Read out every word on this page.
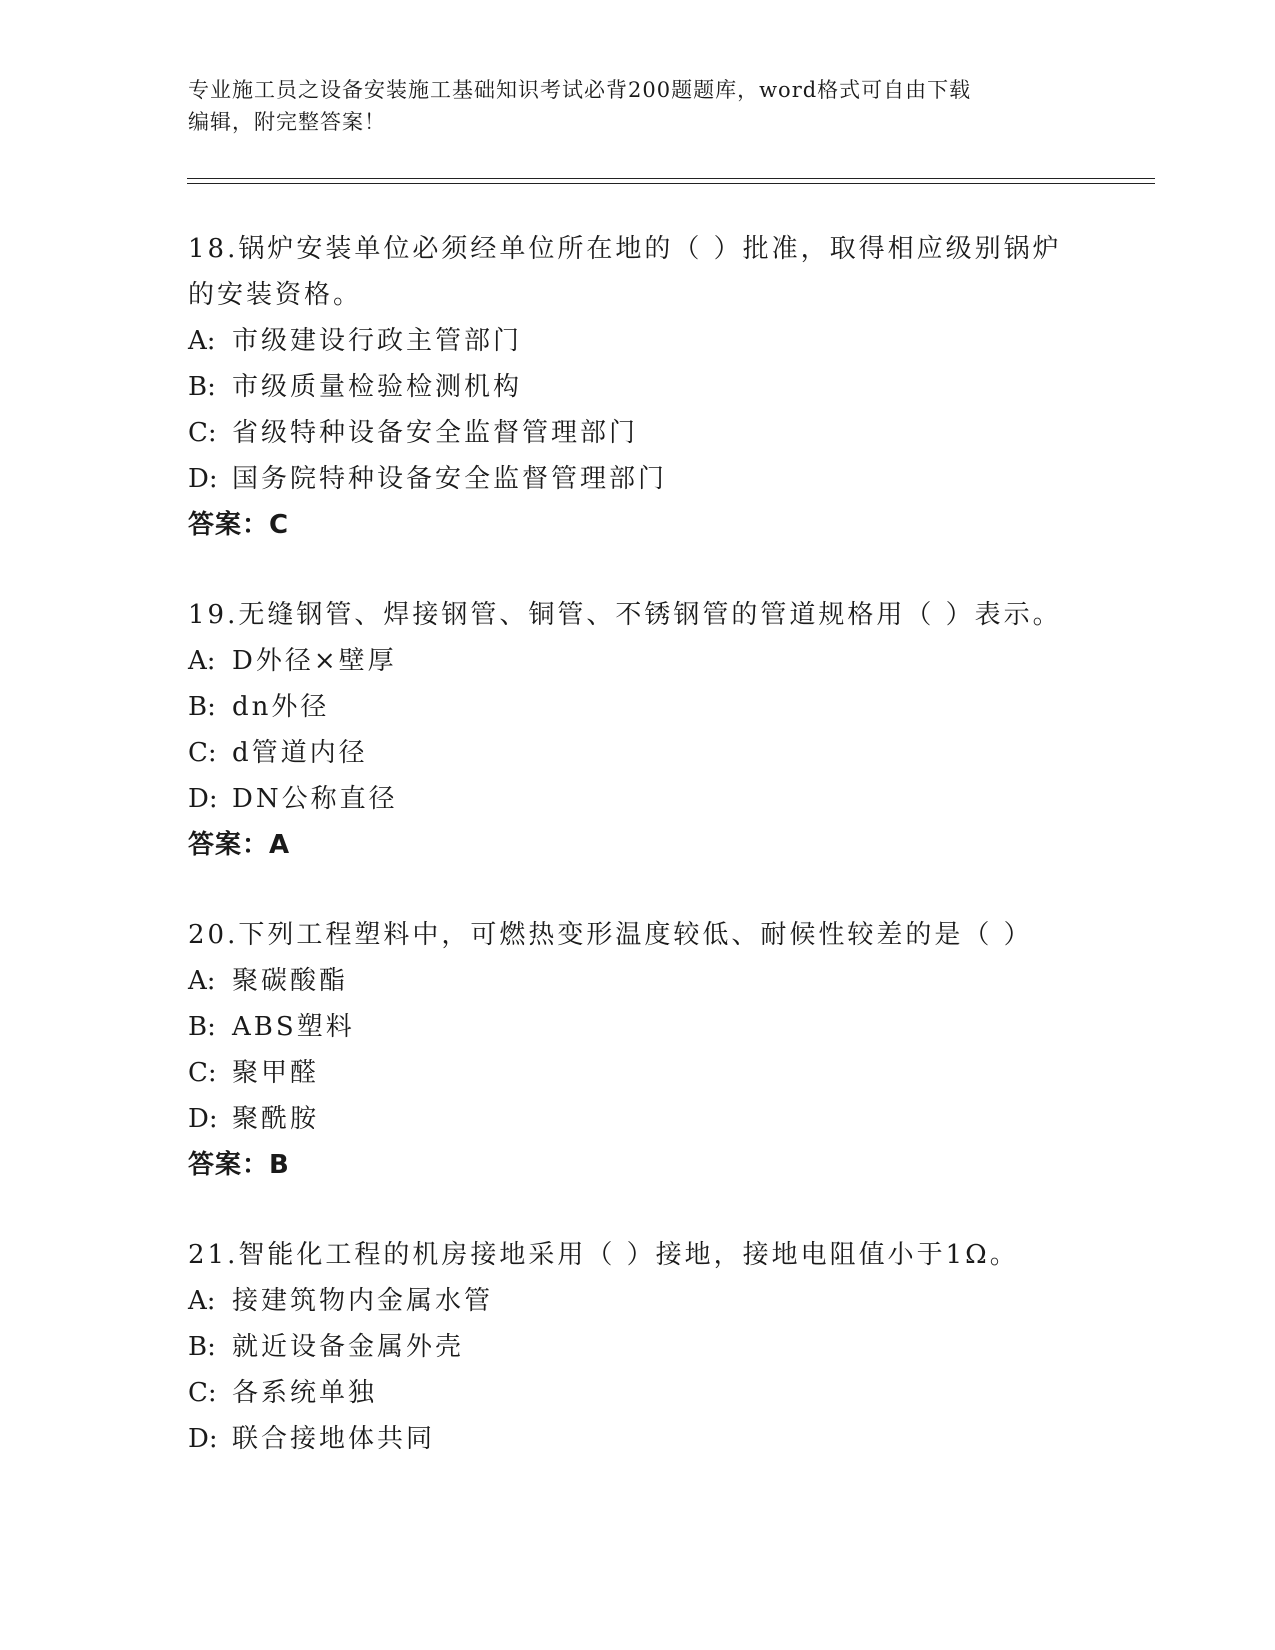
专业施工员之设备安装施工基础知识考试必背200题题库，word格式可自由下载
编辑，附完整答案！

18.锅炉安装单位必须经单位所在地的（ ）批准，取得相应级别锅炉
的安装资格。

A: 市级建设行政主管部门

B: 市级质量检验检测机构

C: 省级特种设备安全监督管理部门

D: 国务院特种设备安全监督管理部门

答案：C

19.无缝钢管、焊接钢管、铜管、不锈钢管的管道规格用（ ）表示。

A: D外径×壁厚

B: dn外径

C: d管道内径

D: DN公称直径

答案：A

20.下列工程塑料中，可燃热变形温度较低、耐候性较差的是（ ）

A: 聚碳酸酯

B: ABS塑料

C: 聚甲醛

D: 聚酰胺

答案：B

21.智能化工程的机房接地采用（ ）接地，接地电阻值小于1Ω。

A: 接建筑物内金属水管

B: 就近设备金属外壳

C: 各系统单独

D: 联合接地体共同
